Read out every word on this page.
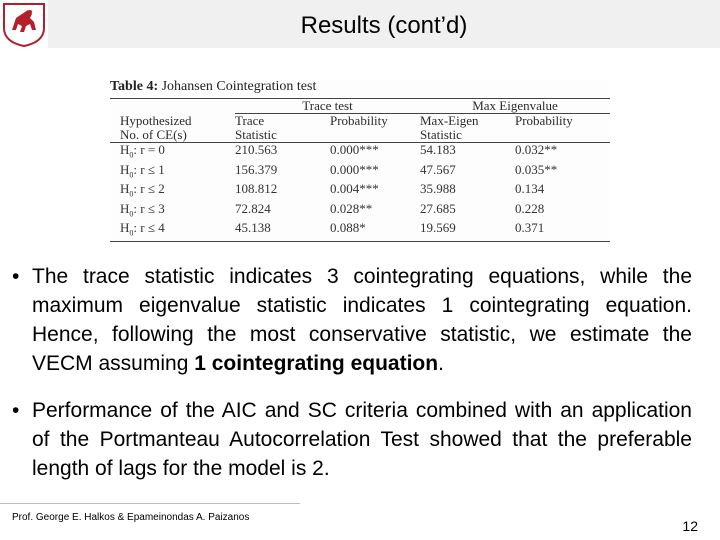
Results (cont’d)
Table 4: Johansen Cointegration test				
	Trace test		Max Eigenvalue	
Hypothesized	Trace	Probability	Max-Eigen	Probability
No. of CE(s)	Statistic		Statistic	
$H_0$: r = 0	210.563	0.000***	54.183	0.032**
$H_0$: r ≤ 1	156.379	0.000***	47.567	0.035**
$H_0$: r ≤ 2	108.812	0.004***	35.988	0.134
$H_0$: r ≤ 3	72.824	0.028**	27.685	0.228
$H_0$: r ≤ 4	45.138	0.088*	19.569	0.371
• The trace statistic indicates 3 cointegrating equations, while the maximum eigenvalue statistic indicates 1 cointegrating equation. Hence, following the most conservative statistic, we estimate the VECM assuming 1 cointegrating equation.
• Performance of the AIC and SC criteria combined with an application of the Portmanteau Autocorrelation Test showed that the preferable length of lags for the model is 2.
Prof. George E. Halkos & Epameinondas A. Paizanos
12
